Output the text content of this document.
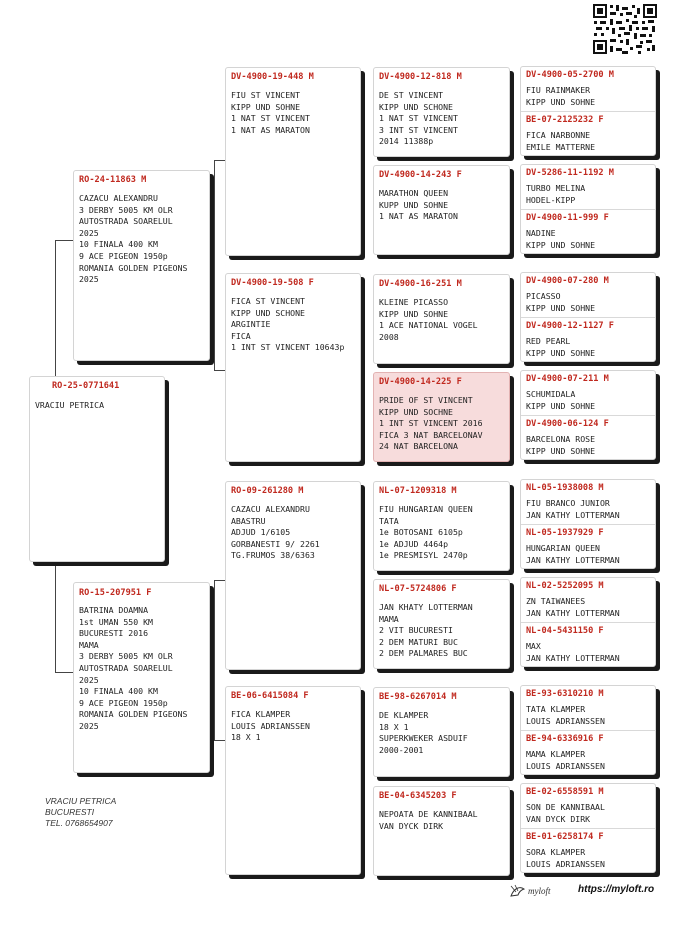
RO-25-0771641
VRACIU PETRICA
RO-24-11863 M
CAZACU ALEXANDRU
3 DERBY 5005 KM OLR
AUTOSTRADA SOARELUL
2025
10 FINALA 400 KM
9 ACE PIGEON 1950p
ROMANIA GOLDEN PIGEONS
2025
RO-15-207951 F
BATRINA DOAMNA
1st UMAN 550 KM
BUCURESTI 2016
MAMA
3 DERBY 5005 KM OLR
AUTOSTRADA SOARELUL
2025
10 FINALA 400 KM
9 ACE PIGEON 1950p
ROMANIA GOLDEN PIGEONS
2025
DV-4900-19-448 M
FIU ST VINCENT
KIPP UND SOHNE
1 NAT ST VINCENT
1 NAT AS MARATON
DV-4900-19-508 F
FICA ST VINCENT
KIPP UND SCHONE
ARGINTIE
FICA
1 INT ST VINCENT 10643p
RO-09-261280 M
CAZACU ALEXANDRU
ABASTRU
ADJUD 1/6105
GORBANESTI 9/ 2261
TG.FRUMOS 38/6363
BE-06-6415084 F
FICA KLAMPER
LOUIS ADRIANSSEN
18 X 1
DV-4900-12-818 M
DE ST VINCENT
KIPP UND SCHONE
1 NAT ST VINCENT
3 INT ST VINCENT
2014 11388p
DV-4900-14-243 F
MARATHON QUEEN
KUPP UND SOHNE
1 NAT AS MARATON
DV-4900-16-251 M
KLEINE PICASSO
KIPP UND SOHNE
1 ACE NATIONAL VOGEL
2008
DV-4900-14-225 F
PRIDE OF ST VINCENT
KIPP UND SOCHNE
1 INT ST VINCENT 2016
FICA 3 NAT BARCELONAV
24 NAT BARCELONA
NL-07-1209318 M
FIU HUNGARIAN QUEEN
TATA
1e BOTOSANI 6105p
1e ADJUD 4464p
1e PRESMISYL 2470p
NL-07-5724806 F
JAN KHATY LOTTERMAN
MAMA
2 VIT BUCURESTI
2 DEM MATURI BUC
2 DEM PALMARES BUC
BE-98-6267014 M
DE KLAMPER
18 X 1
SUPERKWEKER ASDUIF
2000-2001
BE-04-6345203 F
NEPOATA DE KANNIBAAL
VAN DYCK DIRK
DV-4900-05-2700 M
FIU RAINMAKER
KIPP UND SOHNE
BE-07-2125232 F
FICA NARBONNE
EMILE MATTERNE
DV-5286-11-1192 M
TURBO MELINA
HODEL-KIPP
DV-4900-11-999 F
NADINE
KIPP UND SOHNE
DV-4900-07-280 M
PICASSO
KIPP UND SOHNE
DV-4900-12-1127 F
RED PEARL
KIPP UND SOHNE
DV-4900-07-211 M
SCHUMIDALA
KIPP UND SOHNE
DV-4900-06-124 F
BARCELONA ROSE
KIPP UND SOHNE
NL-05-1938008 M
FIU BRANCO JUNIOR
JAN KATHY LOTTERMAN
NL-05-1937929 F
HUNGARIAN QUEEN
JAN KATHY LOTTERMAN
NL-02-5252095 M
ZN TAIWANEES
JAN KATHY LOTTERMAN
NL-04-5431150 F
MAX
JAN KATHY LOTTERMAN
BE-93-6310210 M
TATA KLAMPER
LOUIS ADRIANSSEN
BE-94-6336916 F
MAMA KLAMPER
LOUIS ADRIANSSEN
BE-02-6558591 M
SON DE KANNIBAAL
VAN DYCK DIRK
BE-01-6258174 F
SORA KLAMPER
LOUIS ADRIANSSEN
VRACIU PETRICA
BUCURESTI
TEL. 0768654907
myloft	https://myloft.ro
